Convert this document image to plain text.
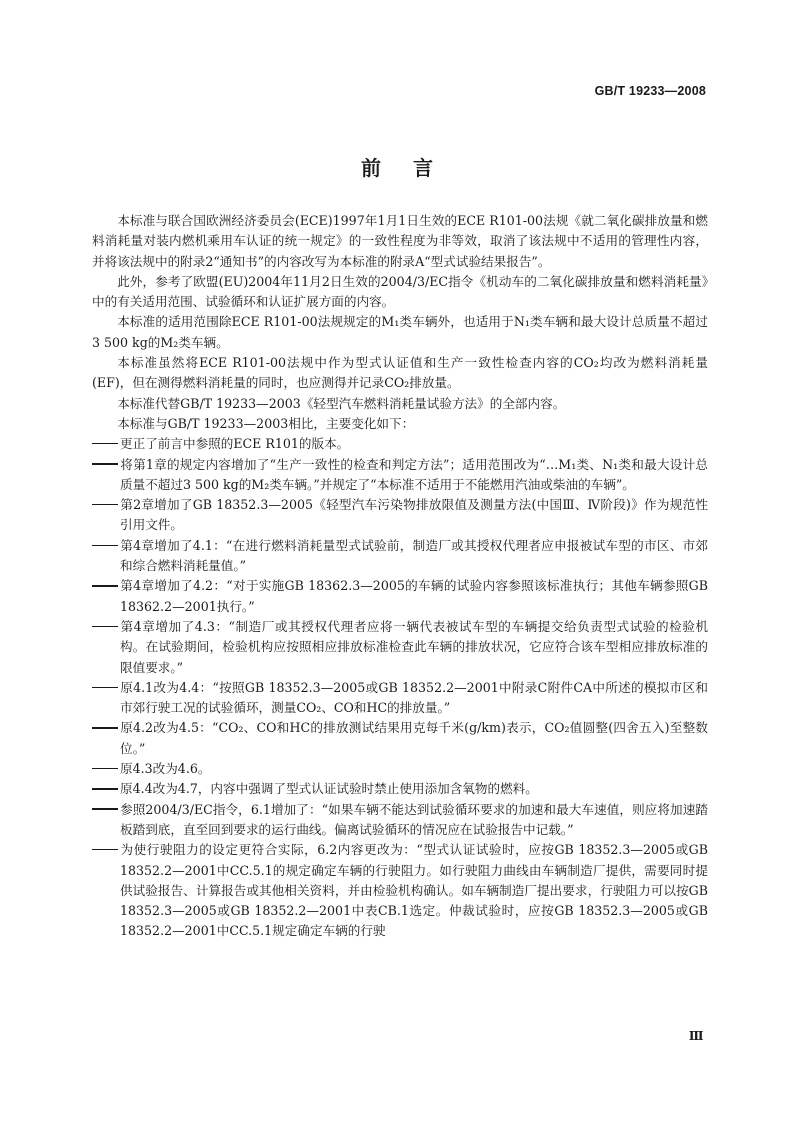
GB/T 19233—2008
前言

本标准与联合国欧洲经济委员会(ECE)1997年1月1日生效的ECE R101-00法规《就二氧化碳排放量和燃料消耗量对装内燃机乘用车认证的统一规定》的一致性程度为非等效，取消了该法规中不适用的管理性内容，并将该法规中的附录2“通知书”的内容改写为本标准的附录A“型式试验结果报告”。

此外，参考了欧盟(EU)2004年11月2日生效的2004/3/EC指令《机动车的二氧化碳排放量和燃料消耗量》中的有关适用范围、试验循环和认证扩展方面的内容。

本标准的适用范围除ECE R101-00法规规定的M₁类车辆外，也适用于N₁类车辆和最大设计总质量不超过3 500 kg的M₂类车辆。

本标准虽然将ECE R101-00法规中作为型式认证值和生产一致性检查内容的CO₂均改为燃料消耗量(EF)，但在测得燃料消耗量的同时，也应测得并记录CO₂排放量。

本标准代替GB/T 19233—2003《轻型汽车燃料消耗量试验方法》的全部内容。

本标准与GB/T 19233—2003相比，主要变化如下：

更正了前言中参照的ECE R101的版本。

将第1章的规定内容增加了“生产一致性的检查和判定方法”；适用范围改为“…M₁类、N₁类和最大设计总质量不超过3 500 kg的M₂类车辆。”并规定了“本标准不适用于不能燃用汽油或柴油的车辆”。

第2章增加了GB 18352.3—2005《轻型汽车污染物排放限值及测量方法(中国Ⅲ、Ⅳ阶段)》作为规范性引用文件。

第4章增加了4.1：“在进行燃料消耗量型式试验前，制造厂或其授权代理者应申报被试车型的市区、市郊和综合燃料消耗量值。”

第4章增加了4.2：“对于实施GB 18362.3—2005的车辆的试验内容参照该标准执行；其他车辆参照GB 18362.2—2001执行。”

第4章增加了4.3：“制造厂或其授权代理者应将一辆代表被试车型的车辆提交给负责型式试验的检验机构。在试验期间，检验机构应按照相应排放标准检查此车辆的排放状况，它应符合该车型相应排放标准的限值要求。”

原4.1改为4.4：“按照GB 18352.3—2005或GB 18352.2—2001中附录C附件CA中所述的模拟市区和市郊行驶工况的试验循环，测量CO₂、CO和HC的排放量。”

原4.2改为4.5：“CO₂、CO和HC的排放测试结果用克每千米(g/km)表示，CO₂值圆整(四舍五入)至整数位。”

原4.3改为4.6。

原4.4改为4.7，内容中强调了型式认证试验时禁止使用添加含氧物的燃料。

参照2004/3/EC指令，6.1增加了：“如果车辆不能达到试验循环要求的加速和最大车速值，则应将加速踏板踏到底，直至回到要求的运行曲线。偏离试验循环的情况应在试验报告中记载。”

为使行驶阻力的设定更符合实际，6.2内容更改为：“型式认证试验时，应按GB 18352.3—2005或GB 18352.2—2001中CC.5.1的规定确定车辆的行驶阻力。如行驶阻力曲线由车辆制造厂提供，需要同时提供试验报告、计算报告或其他相关资料，并由检验机构确认。如车辆制造厂提出要求，行驶阻力可以按GB 18352.3—2005或GB 18352.2—2001中表CB.1选定。仲裁试验时，应按GB 18352.3—2005或GB 18352.2—2001中CC.5.1规定确定车辆的行驶

Ⅲ
